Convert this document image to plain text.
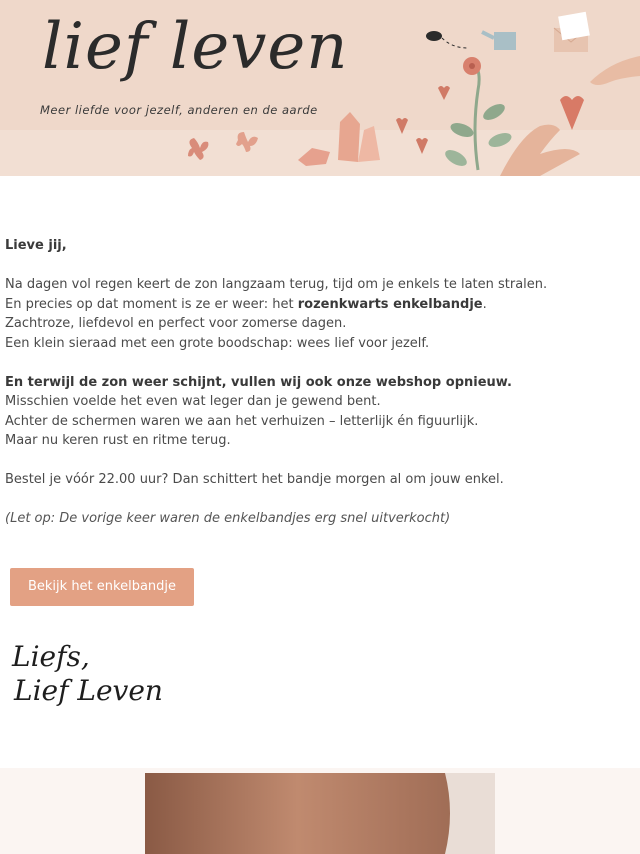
lief leven
Meer liefde voor jezelf, anderen en de aarde

Lieve jij,

Na dagen vol regen keert de zon langzaam terug, tijd om je enkels te laten stralen.

En precies op dat moment is ze er weer: het rozenkwarts enkelbandje.

Zachtroze, liefdevol en perfect voor zomerse dagen.

Een klein sieraad met een grote boodschap: wees lief voor jezelf.

En terwijl de zon weer schijnt, vullen wij ook onze webshop opnieuw.

Misschien voelde het even wat leger dan je gewend bent.

Achter de schermen waren we aan het verhuizen – letterlijk én figuurlijk.

Maar nu keren rust en ritme terug.

Bestel je vóór 22.00 uur? Dan schittert het bandje morgen al om jouw enkel.

(Let op: De vorige keer waren de enkelbandjes erg snel uitverkocht)

Bekijk het enkelbandje
Liefs,
Lief Leven
